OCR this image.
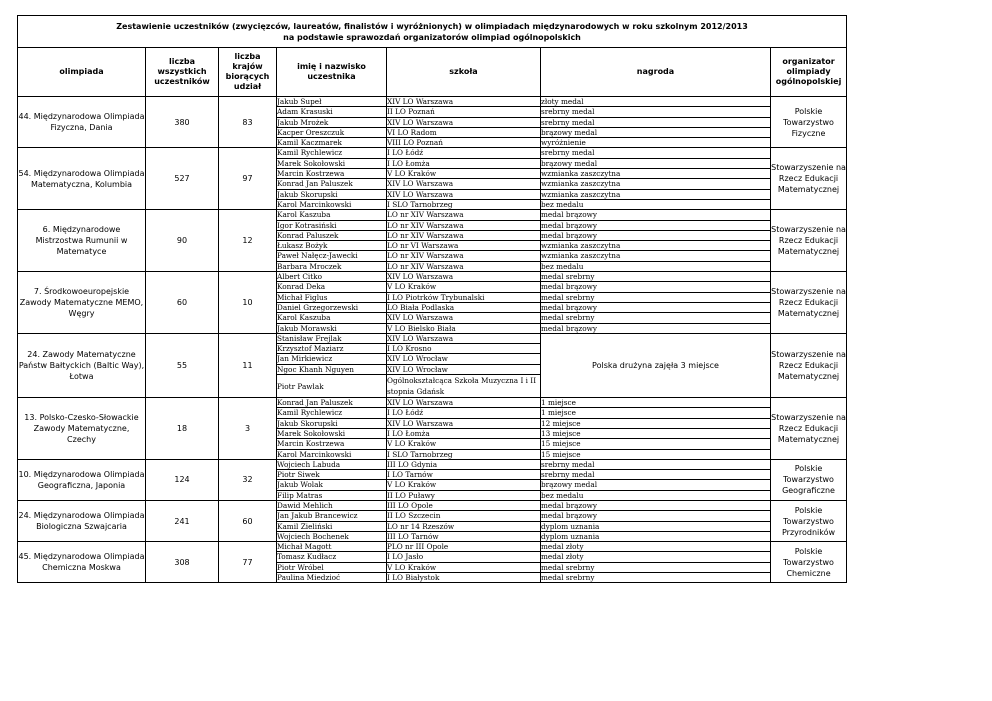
Zestawienie uczestników (zwycięzców, laureatów, finalistów i wyróżnionych) w olimpiadach międzynarodowych w roku szkolnym 2012/2013
na podstawie sprawozdań organizatorów olimpiad ogólnopolskich						

olimpiada	liczba wszystkich uczestników	liczba krajów biorących udział	imię i nazwisko uczestnika	szkoła	nagroda	organizator olimpiady ogólnopolskiej
44. Międzynarodowa Olimpiada Fizyczna, Dania	380	83	Jakub Supeł	XIV LO Warszawa	złoty medal	Polskie Towarzystwo Fizyczne
			Adam Krasuski	II LO Poznań	srebrny medal	
			Jakub Mrożek	XIV LO Warszawa	srebrny medal	
			Kacper Oreszczuk	VI LO Radom	brązowy medal	
			Kamil Kaczmarek	VIII LO Poznań	wyróżnienie	
54. Międzynarodowa Olimpiada Matematyczna, Kolumbia	527	97	Kamil Rychlewicz	I LO Łódź	srebrny medal	Stowarzyszenie na Rzecz Edukacji Matematycznej
			Marek Sokołowski	I LO Łomża	brązowy medal	
			Marcin Kostrzewa	V LO Kraków	wzmianka zaszczytna	
			Konrad Jan Paluszek	XIV LO Warszawa	wzmianka zaszczytna	
			Jakub Skorupski	XIV LO Warszawa	wzmianka zaszczytna	
			Karol Marcinkowski	I SLO Tarnobrzeg	bez medalu	
6. Międzynarodowe Mistrzostwa Rumunii w Matematyce	90	12	Karol Kaszuba	LO nr XIV Warszawa	medal brązowy	Stowarzyszenie na Rzecz Edukacji Matematycznej
			Igor Kotrasiński	LO nr XIV Warszawa	medal brązowy	
			Konrad Paluszek	LO nr XIV Warszawa	medal brązowy	
			Łukasz Bożyk	LO nr VI Warszawa	wzmianka zaszczytna	
			Paweł Nałęcz-Jawecki	LO nr XIV Warszawa	wzmianka zaszczytna	
			Barbara Mroczek	LO nr XIV Warszawa	bez medalu	
7. Środkowoeuropejskie Zawody Matematyczne MEMO, Węgry	60	10	Albert Citko	XIV LO Warszawa	medal srebrny	Stowarzyszenie na Rzecz Edukacji Matematycznej
			Konrad Deka	V LO Kraków	medal brązowy	
			Michał Figlus	I LO Piotrków Trybunalski	medal srebrny	
			Daniel Grzegorzewski	LO Biała Podlaska	medal brązowy	
			Karol Kaszuba	XIV LO Warszawa	medal srebrny	
			Jakub Morawski	V LO Bielsko Biała	medal brązowy	
24. Zawody Matematyczne Państw Bałtyckich (Baltic Way), Łotwa	55	11	Stanisław Frejlak	XIV LO Warszawa	Polska drużyna zajęła 3 miejsce	Stowarzyszenie na Rzecz Edukacji Matematycznej
			Krzysztof Maziarz	I LO Krosno		
			Jan Mirkiewicz	XIV LO Wrocław		
			Ngoc Khanh Nguyen	XIV LO Wrocław		
			Piotr Pawlak	Ogólnokształcąca Szkoła Muzyczna I i II stopnia Gdańsk		
13. Polsko-Czesko-Słowackie Zawody Matematyczne, Czechy	18	3	Konrad Jan Paluszek	XIV LO Warszawa	1 miejsce	Stowarzyszenie na Rzecz Edukacji Matematycznej
			Kamil Rychlewicz	I LO Łódź	1 miejsce	
			Jakub Skorupski	XIV LO Warszawa	12 miejsce	
			Marek Sokołowski	I LO Łomża	13 miejsce	
			Marcin Kostrzewa	V LO Kraków	15 miejsce	
			Karol Marcinkowski	I SLO Tarnobrzeg	15 miejsce	
10. Międzynarodowa Olimpiada Geograficzna, Japonia	124	32	Wojciech Labuda	III LO Gdynia	srebrny medal	Polskie Towarzystwo Geograficzne
			Piotr Siwek	I LO Tarnów	srebrny medal	
			Jakub Wolak	V LO Kraków	brązowy medal	
			Filip Matras	II LO Puławy	bez medalu	
24. Międzynarodowa Olimpiada Biologiczna Szwajcaria	241	60	Dawid Mehlich	III LO Opole	medal brązowy	Polskie Towarzystwo Przyrodników
			Jan Jakub Brancewicz	II LO Szczecin	medal brązowy	
			Kamil Zieliński	LO nr 14 Rzeszów	dyplom uznania	
			Wojciech Bochenek	III LO Tarnów	dyplom uznania	
45. Międzynarodowa Olimpiada Chemiczna Moskwa	308	77	Michał Magott	PLO nr III Opole	medal złoty	Polskie Towarzystwo Chemiczne
			Tomasz Kudłacz	I LO Jasło	medal złoty	
			Piotr Wróbel	V LO Kraków	medal srebrny	
			Paulina Miedzioć	I LO Białystok	medal srebrny	
